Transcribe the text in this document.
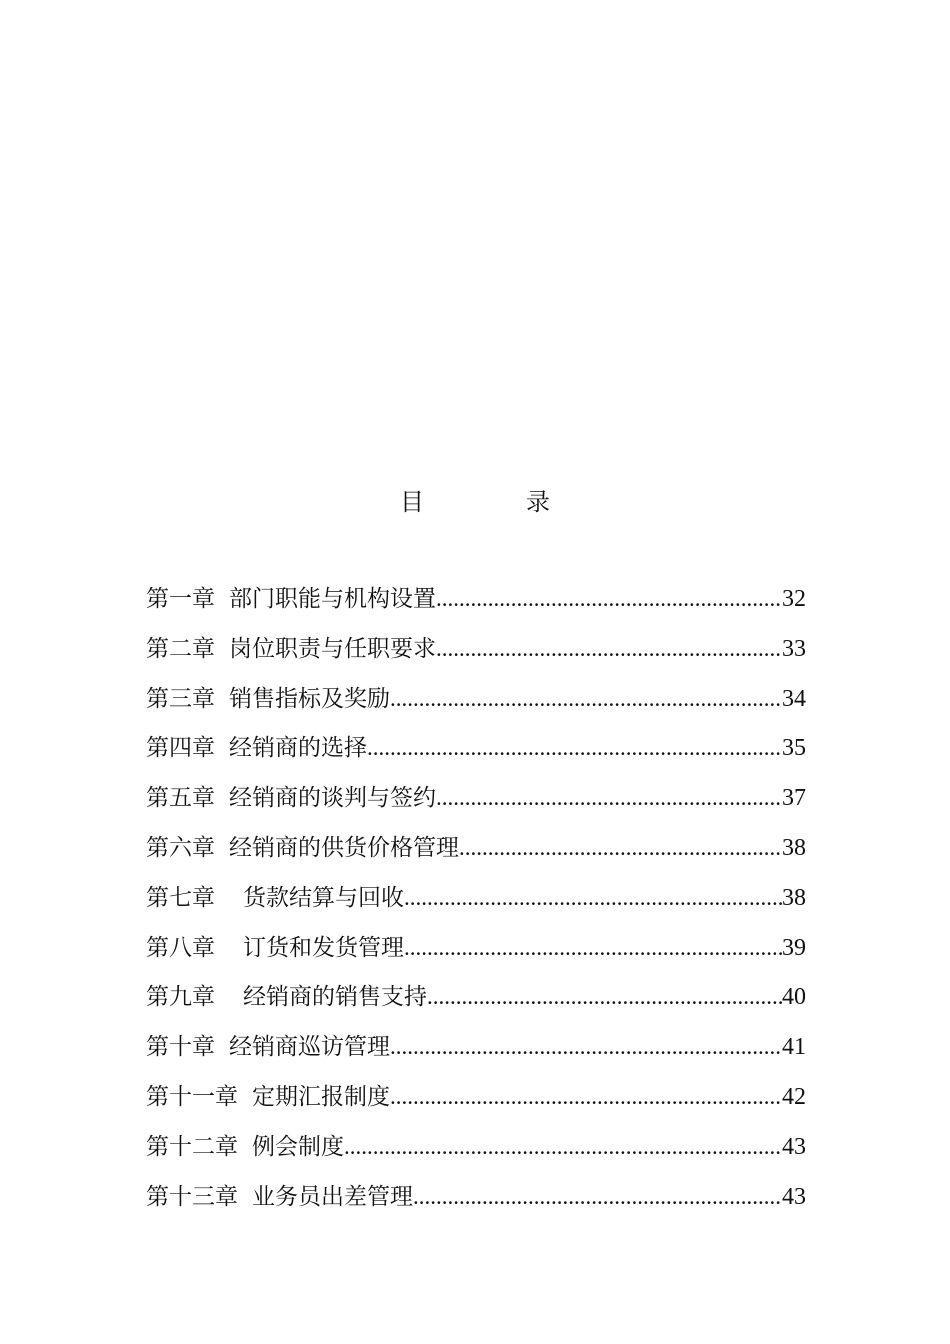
目	录
第一章 部门职能与机构设置 .....	32
第二章 岗位职责与任职要求 .....	33
第三章 销售指标及奖励 .....	34
第四章 经销商的选择 .....	35
第五章 经销商的谈判与签约 .....	37
第六章 经销商的供货价格管理 .....	38
第七章	货款结算与回收 .....	38
第八章	订货和发货管理 .....	39
第九章	经销商的销售支持 .....	40
第十章 经销商巡访管理 .....	41
第十一章 定期汇报制度 .....	42
第十二章 例会制度 .....	43
第十三章 业务员出差管理 .....	43
